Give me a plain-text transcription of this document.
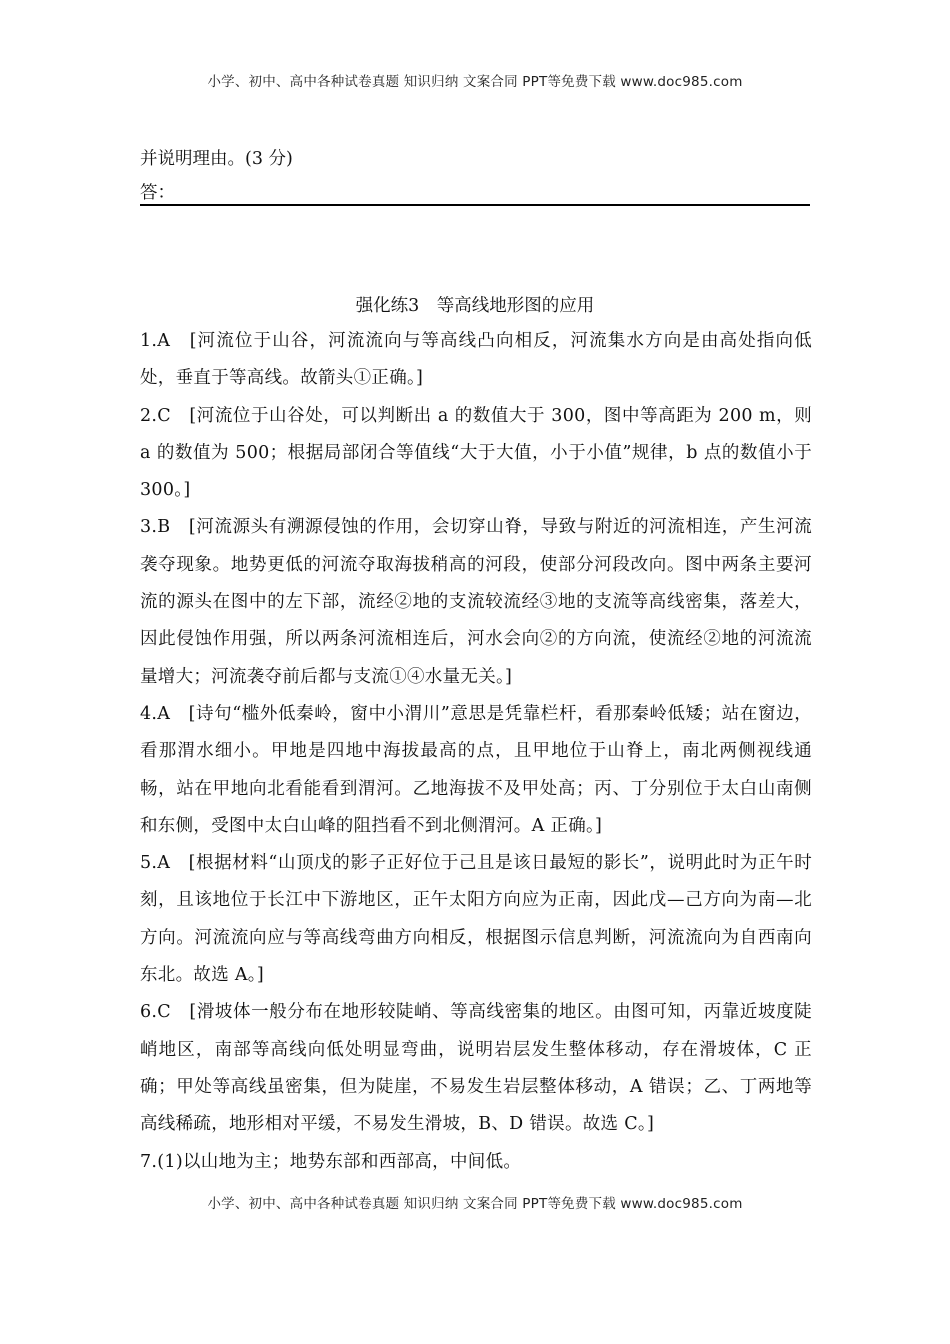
小学、初中、高中各种试卷真题 知识归纳 文案合同 PPT等免费下载 www.doc985.com
并说明理由。(3 分)
答：
强化练3　等高线地形图的应用
1.A　[河流位于山谷，河流流向与等高线凸向相反，河流集水方向是由高处指向低处，垂直于等高线。故箭头①正确。]
2.C　[河流位于山谷处，可以判断出 a 的数值大于 300，图中等高距为 200 m，则 a 的数值为 500；根据局部闭合等值线“大于大值，小于小值”规律，b 点的数值小于 300。]
3.B　[河流源头有溯源侵蚀的作用，会切穿山脊，导致与附近的河流相连，产生河流袭夺现象。地势更低的河流夺取海拔稍高的河段，使部分河段改向。图中两条主要河流的源头在图中的左下部，流经②地的支流较流经③地的支流等高线密集，落差大，因此侵蚀作用强，所以两条河流相连后，河水会向②的方向流，使流经②地的河流流量增大；河流袭夺前后都与支流①④水量无关。]
4.A　[诗句“槛外低秦岭，窗中小渭川”意思是凭靠栏杆，看那秦岭低矮；站在窗边，看那渭水细小。甲地是四地中海拔最高的点，且甲地位于山脊上，南北两侧视线通畅，站在甲地向北看能看到渭河。乙地海拔不及甲处高；丙、丁分别位于太白山南侧和东侧，受图中太白山峰的阻挡看不到北侧渭河。A 正确。]
5.A　[根据材料“山顶戊的影子正好位于己且是该日最短的影长”，说明此时为正午时刻，且该地位于长江中下游地区，正午太阳方向应为正南，因此戊—己方向为南—北方向。河流流向应与等高线弯曲方向相反，根据图示信息判断，河流流向为自西南向东北。故选 A。]
6.C　[滑坡体一般分布在地形较陡峭、等高线密集的地区。由图可知，丙靠近坡度陡峭地区，南部等高线向低处明显弯曲，说明岩层发生整体移动，存在滑坡体，C 正确；甲处等高线虽密集，但为陡崖，不易发生岩层整体移动，A 错误；乙、丁两地等高线稀疏，地形相对平缓，不易发生滑坡，B、D 错误。故选 C。]
7.(1)以山地为主；地势东部和西部高，中间低。
小学、初中、高中各种试卷真题 知识归纳 文案合同 PPT等免费下载 www.doc985.com
